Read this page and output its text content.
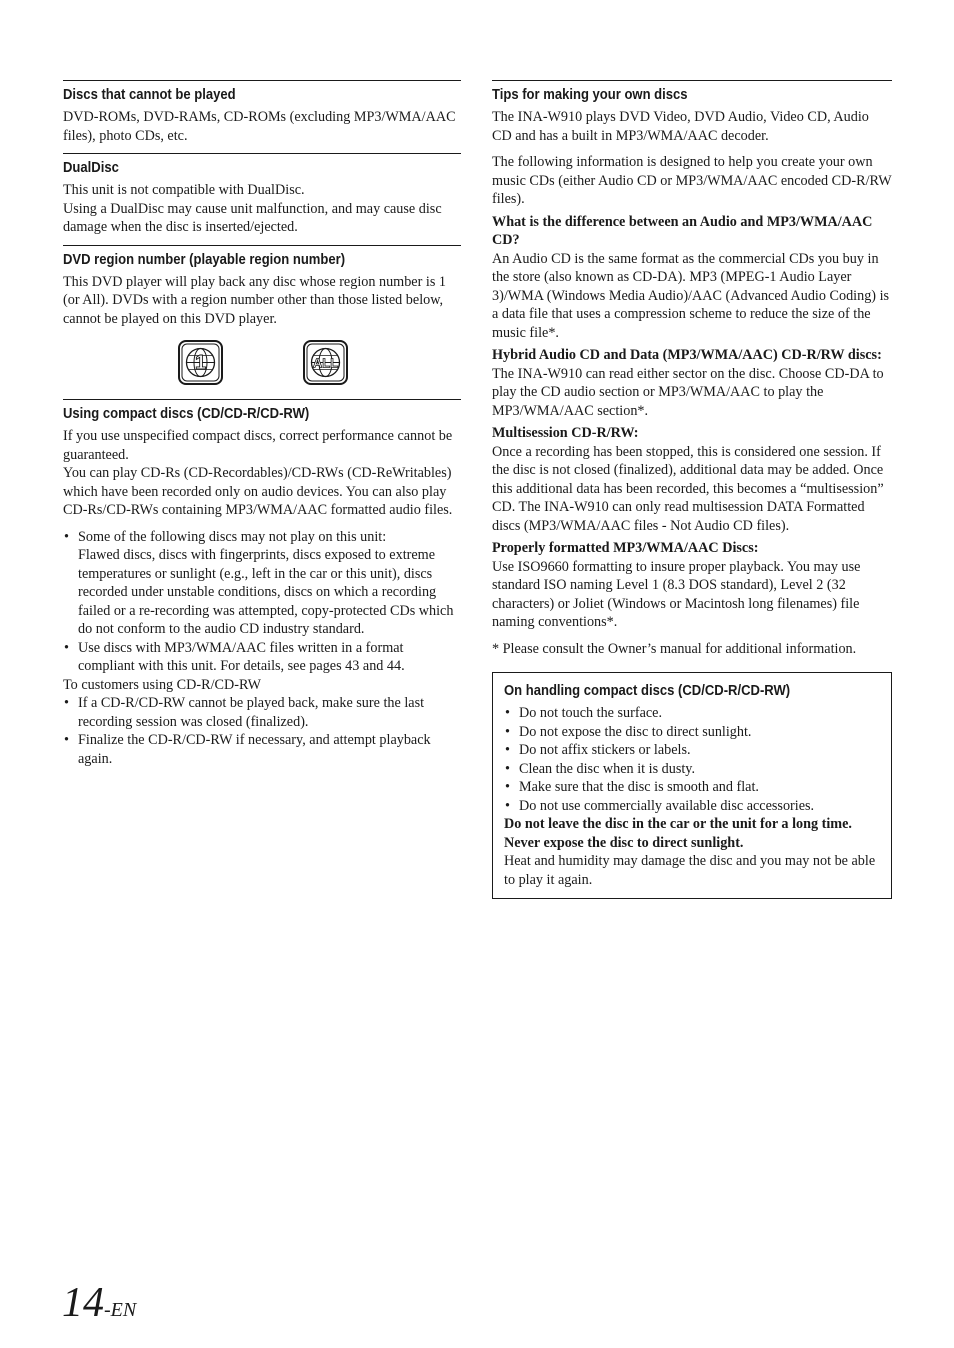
Discs that cannot be played

DVD-ROMs, DVD-RAMs, CD-ROMs (excluding MP3/WMA/AAC files), photo CDs, etc.

DualDisc

This unit is not compatible with DualDisc.

Using a DualDisc may cause unit malfunction, and may cause disc damage when the disc is inserted/ejected.

DVD region number (playable region number)

This DVD player will play back any disc whose region number is 1 (or All). DVDs with a region number other than those listed below, cannot be played on this DVD player.

1	ALL
Using compact discs (CD/CD-R/CD-RW)

If you use unspecified compact discs, correct performance cannot be guaranteed.

You can play CD-Rs (CD-Recordables)/CD-RWs (CD-ReWritables) which have been recorded only on audio devices. You can also play CD-Rs/CD-RWs containing MP3/WMA/AAC formatted audio files.

• Some of the following discs may not play on this unit:
Flawed discs, discs with fingerprints, discs exposed to extreme temperatures or sunlight (e.g., left in the car or this unit), discs recorded under unstable conditions, discs on which a recording failed or a re-recording was attempted, copy-protected CDs which do not conform to the audio CD industry standard.
• Use discs with MP3/WMA/AAC files written in a format compliant with this unit. For details, see pages 43 and 44.

To customers using CD-R/CD-RW

• If a CD-R/CD-RW cannot be played back, make sure the last recording session was closed (finalized).
• Finalize the CD-R/CD-RW if necessary, and attempt playback again.
Tips for making your own discs

The INA-W910 plays DVD Video, DVD Audio, Video CD, Audio CD and has a built in MP3/WMA/AAC decoder.

The following information is designed to help you create your own music CDs (either Audio CD or MP3/WMA/AAC encoded CD-R/RW files).

What is the difference between an Audio and MP3/WMA/AAC CD?

An Audio CD is the same format as the commercial CDs you buy in the store (also known as CD-DA). MP3 (MPEG-1 Audio Layer 3)/WMA (Windows Media Audio)/AAC (Advanced Audio Coding) is a data file that uses a compression scheme to reduce the size of the music file*.

Hybrid Audio CD and Data (MP3/WMA/AAC) CD-R/RW discs:

The INA-W910 can read either sector on the disc. Choose CD-DA to play the CD audio section or MP3/WMA/AAC to play the MP3/WMA/AAC section*.

Multisession CD-R/RW:

Once a recording has been stopped, this is considered one session. If the disc is not closed (finalized), additional data may be added. Once this additional data has been recorded, this becomes a “multisession” CD. The INA-W910 can only read multisession DATA Formatted discs (MP3/WMA/AAC files - Not Audio CD files).

Properly formatted MP3/WMA/AAC Discs:

Use ISO9660 formatting to insure proper playback. You may use standard ISO naming Level 1 (8.3 DOS standard), Level 2 (32 characters) or Joliet (Windows or Macintosh long filenames) file naming conventions*.

* Please consult the Owner’s manual for additional information.

On handling compact discs (CD/CD-R/CD-RW)
• Do not touch the surface.
• Do not expose the disc to direct sunlight.
• Do not affix stickers or labels.
• Clean the disc when it is dusty.
• Make sure that the disc is smooth and flat.
• Do not use commercially available disc accessories.

Do not leave the disc in the car or the unit for a long time.

Never expose the disc to direct sunlight.

Heat and humidity may damage the disc and you may not be able to play it again.

14-EN
